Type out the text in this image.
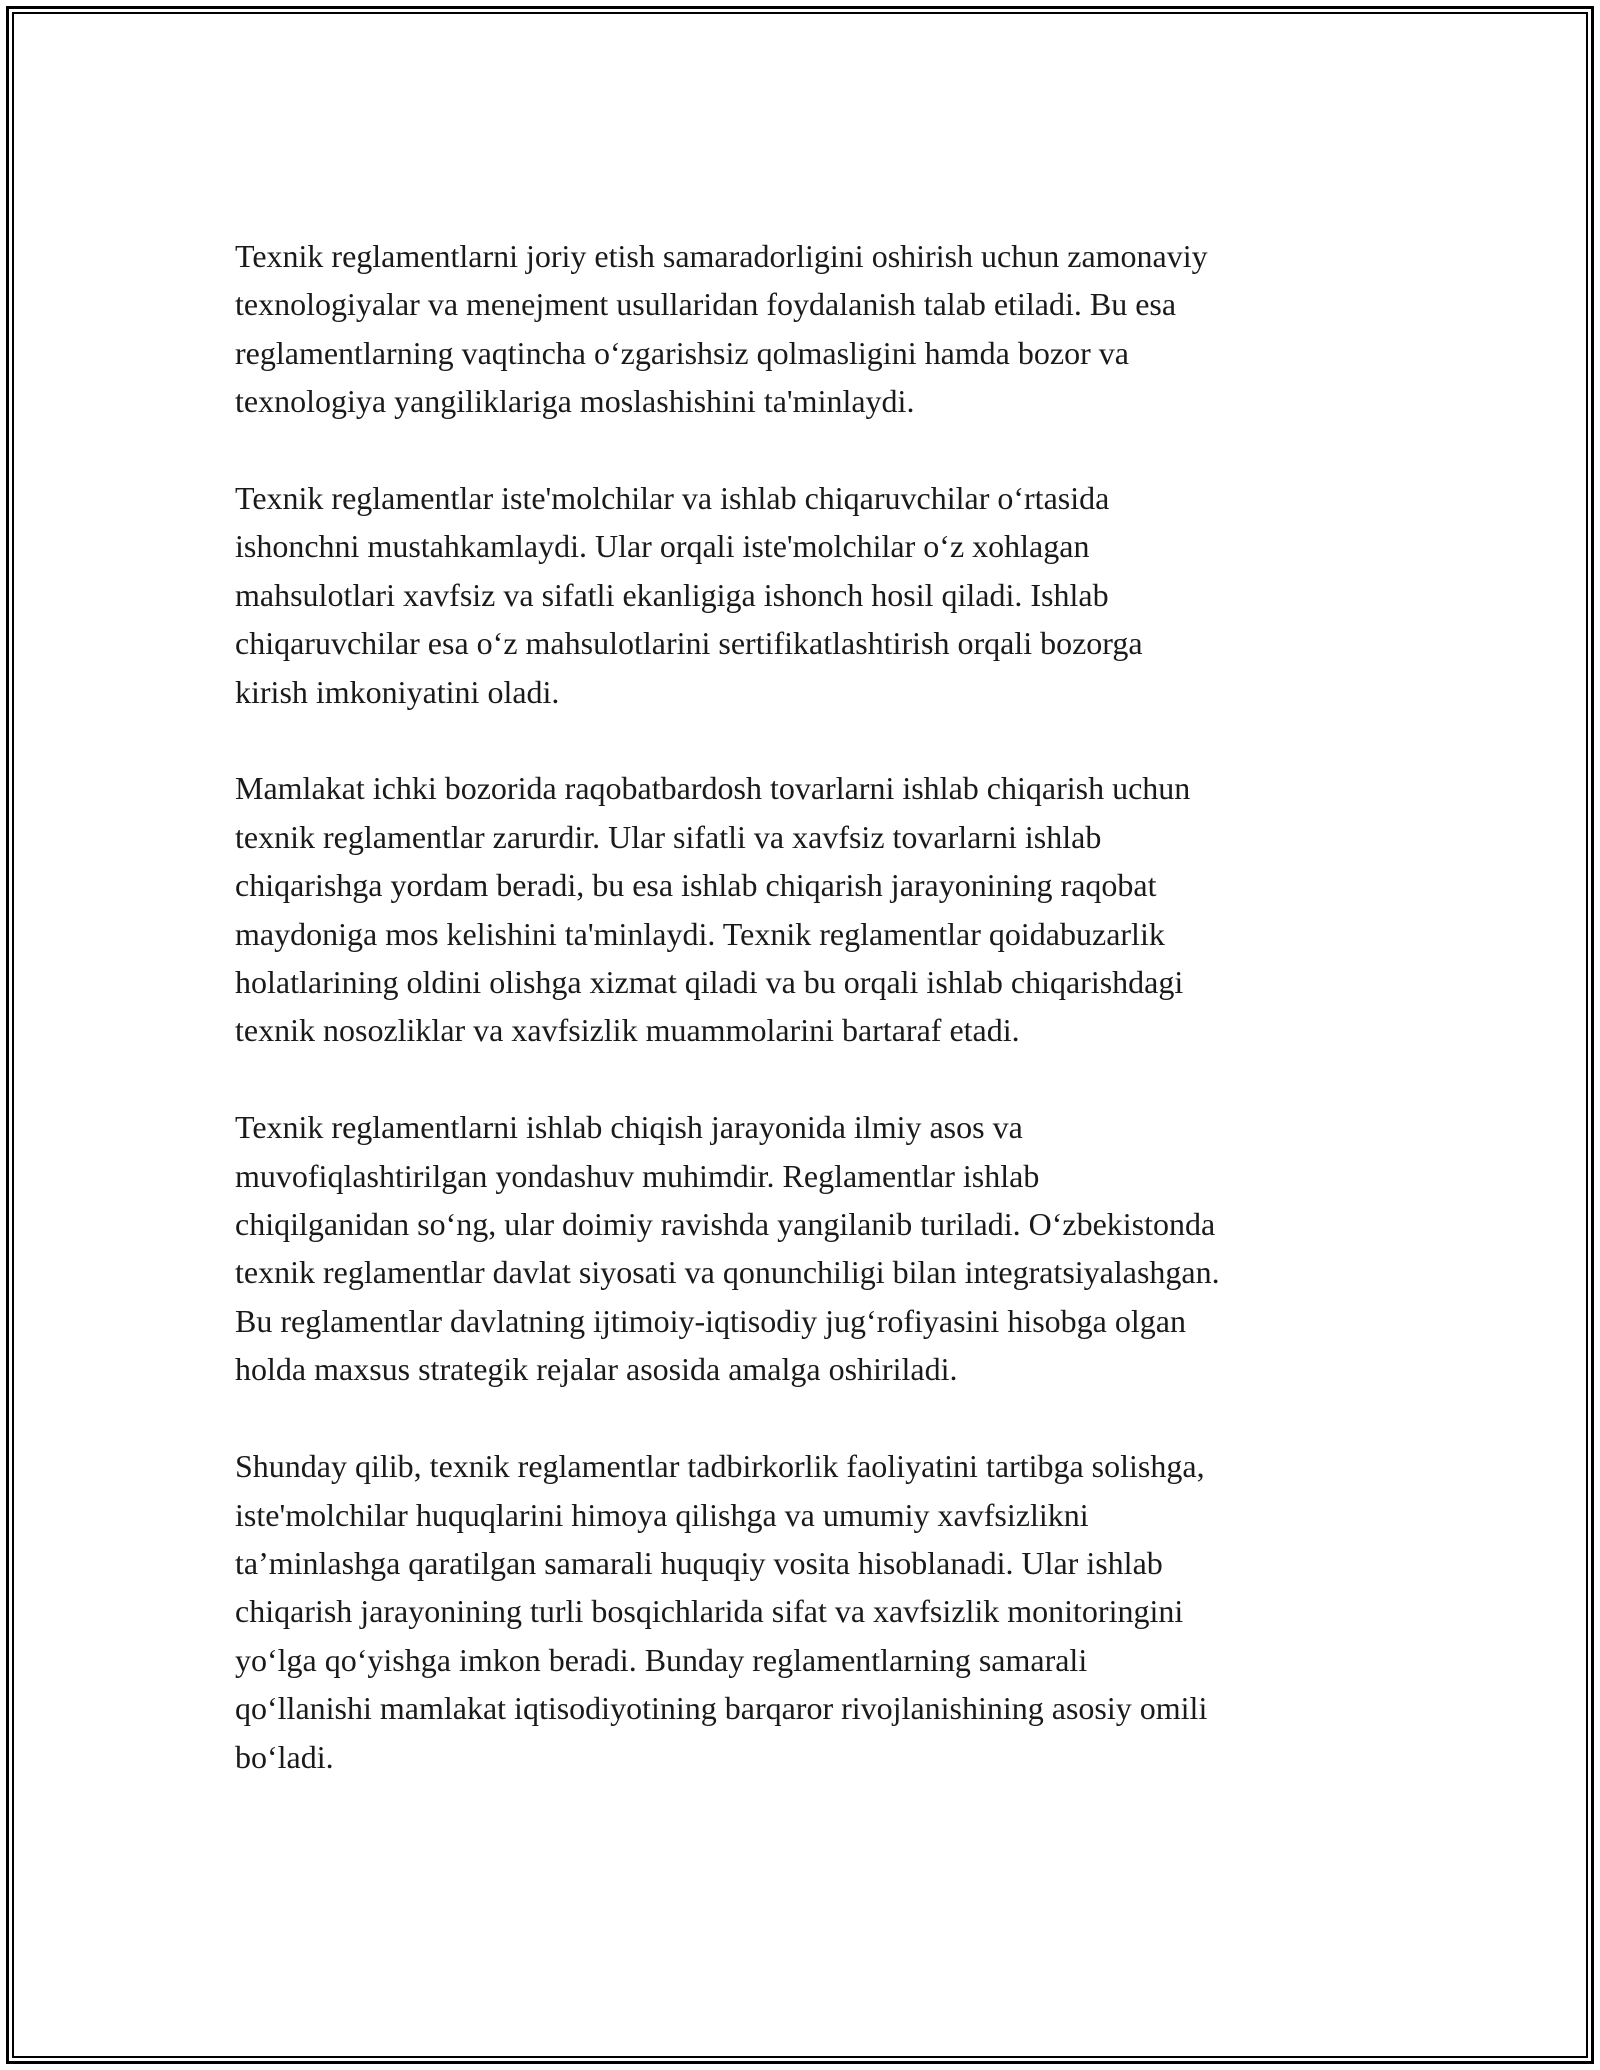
Texnik reglamentlarni joriy etish samaradorligini oshirish uchun zamonaviy
texnologiyalar va menejment usullaridan foydalanish talab etiladi. Bu esa
reglamentlarning vaqtincha o‘zgarishsiz qolmasligini hamda bozor va
texnologiya yangiliklariga moslashishini ta'minlaydi.

Texnik reglamentlar iste'molchilar va ishlab chiqaruvchilar o‘rtasida
ishonchni mustahkamlaydi. Ular orqali iste'molchilar o‘z xohlagan
mahsulotlari xavfsiz va sifatli ekanligiga ishonch hosil qiladi. Ishlab
chiqaruvchilar esa o‘z mahsulotlarini sertifikatlashtirish orqali bozorga
kirish imkoniyatini oladi.

Mamlakat ichki bozorida raqobatbardosh tovarlarni ishlab chiqarish uchun
texnik reglamentlar zarurdir. Ular sifatli va xavfsiz tovarlarni ishlab
chiqarishga yordam beradi, bu esa ishlab chiqarish jarayonining raqobat
maydoniga mos kelishini ta'minlaydi. Texnik reglamentlar qoidabuzarlik
holatlarining oldini olishga xizmat qiladi va bu orqali ishlab chiqarishdagi
texnik nosozliklar va xavfsizlik muammolarini bartaraf etadi.

Texnik reglamentlarni ishlab chiqish jarayonida ilmiy asos va
muvofiqlashtirilgan yondashuv muhimdir. Reglamentlar ishlab
chiqilganidan so‘ng, ular doimiy ravishda yangilanib turiladi. O‘zbekistonda
texnik reglamentlar davlat siyosati va qonunchiligi bilan integratsiyalashgan.
Bu reglamentlar davlatning ijtimoiy-iqtisodiy jug‘rofiyasini hisobga olgan
holda maxsus strategik rejalar asosida amalga oshiriladi.

Shunday qilib, texnik reglamentlar tadbirkorlik faoliyatini tartibga solishga,
iste'molchilar huquqlarini himoya qilishga va umumiy xavfsizlikni
ta’minlashga qaratilgan samarali huquqiy vosita hisoblanadi. Ular ishlab
chiqarish jarayonining turli bosqichlarida sifat va xavfsizlik monitoringini
yo‘lga qo‘yishga imkon beradi. Bunday reglamentlarning samarali
qo‘llanishi mamlakat iqtisodiyotining barqaror rivojlanishining asosiy omili
bo‘ladi.
